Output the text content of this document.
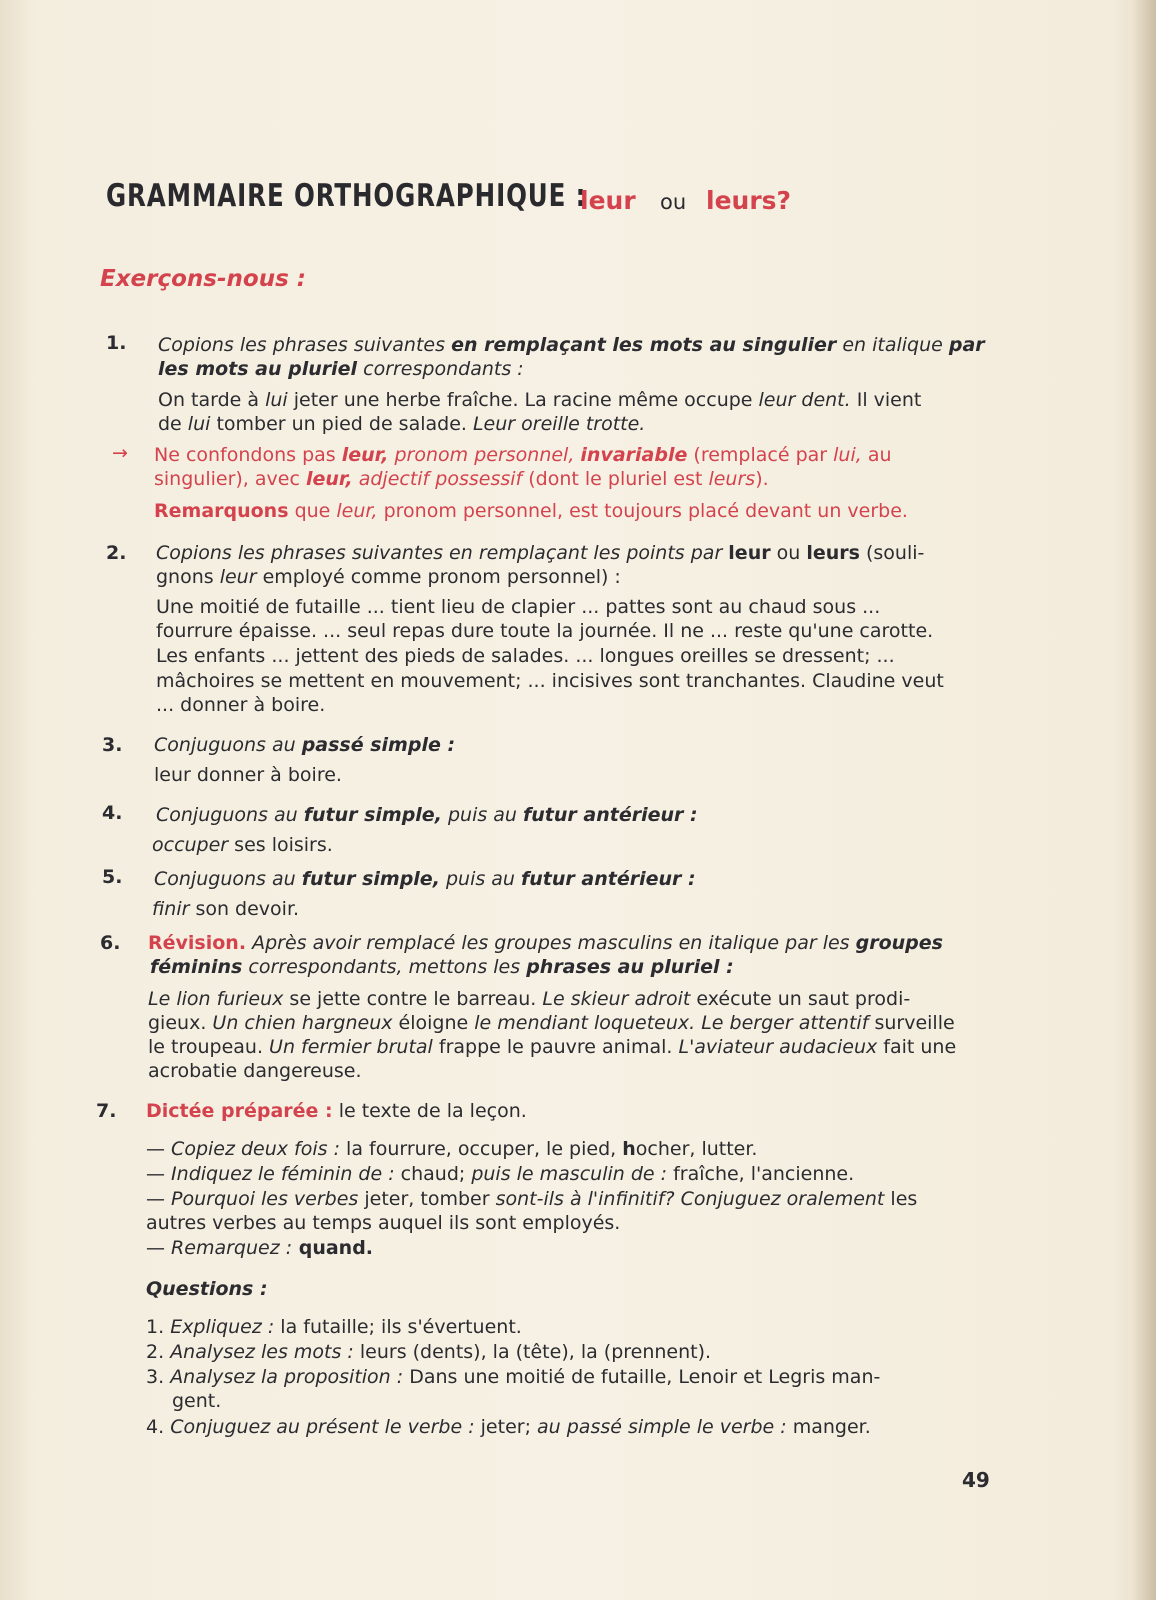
GRAMMAIRE ORTHOGRAPHIQUE :
leur ou leurs?
Exerçons-nous :
1. Copions les phrases suivantes en remplaçant les mots au singulier en italique par
les mots au pluriel correspondants :
On tarde à lui jeter une herbe fraîche. La racine même occupe leur dent. Il vient
de lui tomber un pied de salade. Leur oreille trotte.
→ Ne confondons pas leur, pronom personnel, invariable (remplacé par lui, au
singulier), avec leur, adjectif possessif (dont le pluriel est leurs).
Remarquons que leur, pronom personnel, est toujours placé devant un verbe.
2. Copions les phrases suivantes en remplaçant les points par leur ou leurs (souli-
gnons leur employé comme pronom personnel) :
Une moitié de futaille ... tient lieu de clapier ... pattes sont au chaud sous ...
fourrure épaisse. ... seul repas dure toute la journée. Il ne ... reste qu'une carotte.
Les enfants ... jettent des pieds de salades. ... longues oreilles se dressent; ...
mâchoires se mettent en mouvement; ... incisives sont tranchantes. Claudine veut
... donner à boire.
3. Conjuguons au passé simple :
leur donner à boire.
4. Conjuguons au futur simple, puis au futur antérieur :
occuper ses loisirs.
5. Conjuguons au futur simple, puis au futur antérieur :
finir son devoir.
6. Révision. Après avoir remplacé les groupes masculins en italique par les groupes
féminins correspondants, mettons les phrases au pluriel :
Le lion furieux se jette contre le barreau. Le skieur adroit exécute un saut prodi-
gieux. Un chien hargneux éloigne le mendiant loqueteux. Le berger attentif surveille
le troupeau. Un fermier brutal frappe le pauvre animal. L'aviateur audacieux fait une
acrobatie dangereuse.
7. Dictée préparée : le texte de la leçon.
— Copiez deux fois : la fourrure, occuper, le pied, hocher, lutter.
— Indiquez le féminin de : chaud; puis le masculin de : fraîche, l'ancienne.
— Pourquoi les verbes jeter, tomber sont-ils à l'infinitif? Conjuguez oralement les
autres verbes au temps auquel ils sont employés.
— Remarquez : quand.
Questions :
1. Expliquez : la futaille; ils s'évertuent.
2. Analysez les mots : leurs (dents), la (tête), la (prennent).
3. Analysez la proposition : Dans une moitié de futaille, Lenoir et Legris man-
gent.
4. Conjuguez au présent le verbe : jeter; au passé simple le verbe : manger.
49
